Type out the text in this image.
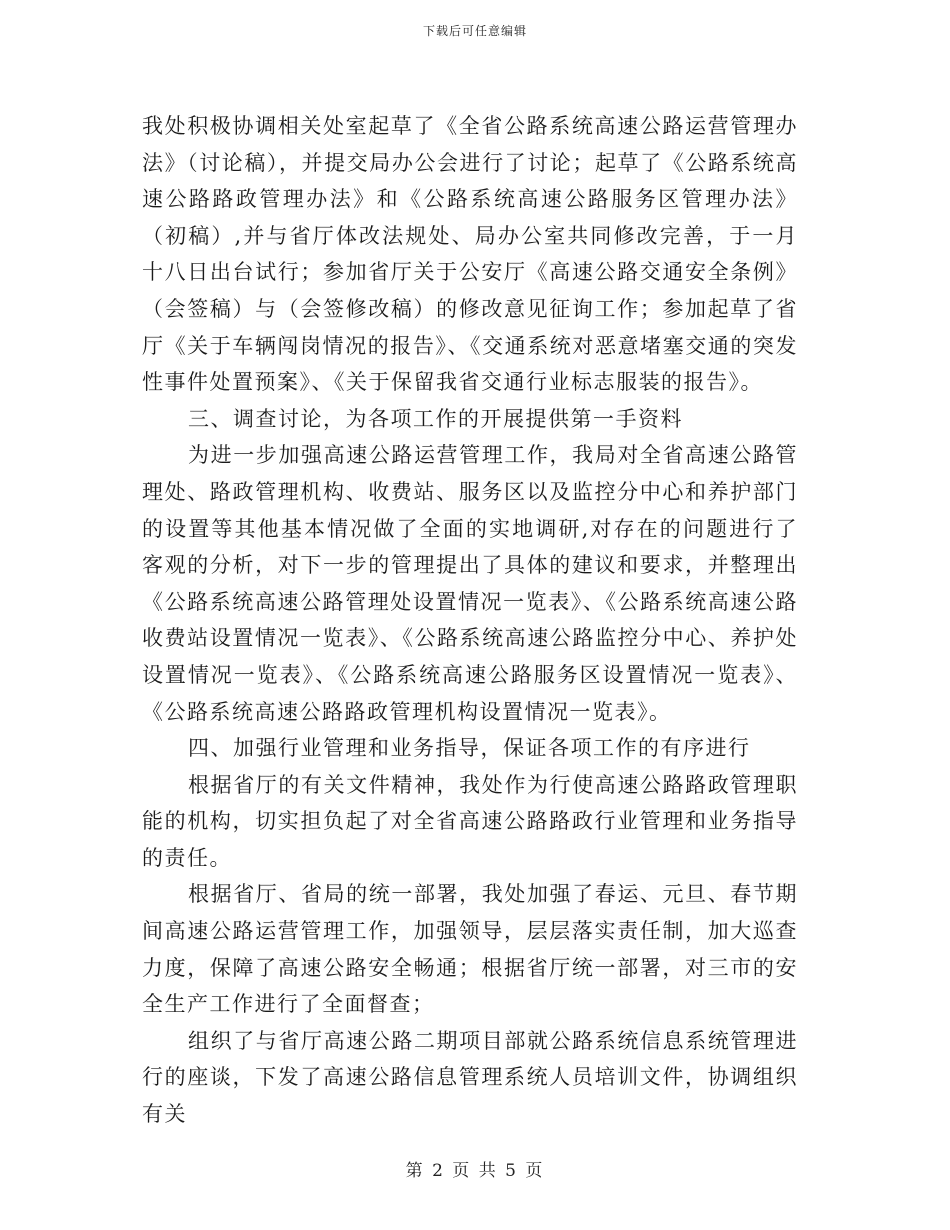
下载后可任意编辑

我处积极协调相关处室起草了《全省公路系统高速公路运营管理办法》（讨论稿），并提交局办公会进行了讨论；起草了《公路系统高速公路路政管理办法》和《公路系统高速公路服务区管理办法》（初稿）,并与省厅体改法规处、局办公室共同修改完善，于一月十八日出台试行；参加省厅关于公安厅《高速公路交通安全条例》（会签稿）与（会签修改稿）的修改意见征询工作；参加起草了省厅《关于车辆闯岗情况的报告》、《交通系统对恶意堵塞交通的突发性事件处置预案》、《关于保留我省交通行业标志服装的报告》。

三、调查讨论，为各项工作的开展提供第一手资料

为进一步加强高速公路运营管理工作，我局对全省高速公路管理处、路政管理机构、收费站、服务区以及监控分中心和养护部门的设置等其他基本情况做了全面的实地调研,对存在的问题进行了客观的分析，对下一步的管理提出了具体的建议和要求，并整理出《公路系统高速公路管理处设置情况一览表》、《公路系统高速公路收费站设置情况一览表》、《公路系统高速公路监控分中心、养护处设置情况一览表》、《公路系统高速公路服务区设置情况一览表》、《公路系统高速公路路政管理机构设置情况一览表》。

四、加强行业管理和业务指导，保证各项工作的有序进行

根据省厅的有关文件精神，我处作为行使高速公路路政管理职能的机构，切实担负起了对全省高速公路路政行业管理和业务指导的责任。

根据省厅、省局的统一部署，我处加强了春运、元旦、春节期间高速公路运营管理工作，加强领导，层层落实责任制，加大巡查力度，保障了高速公路安全畅通；根据省厅统一部署，对三市的安全生产工作进行了全面督查；

组织了与省厅高速公路二期项目部就公路系统信息系统管理进行的座谈，下发了高速公路信息管理系统人员培训文件，协调组织有关

第 2 页 共 5 页
